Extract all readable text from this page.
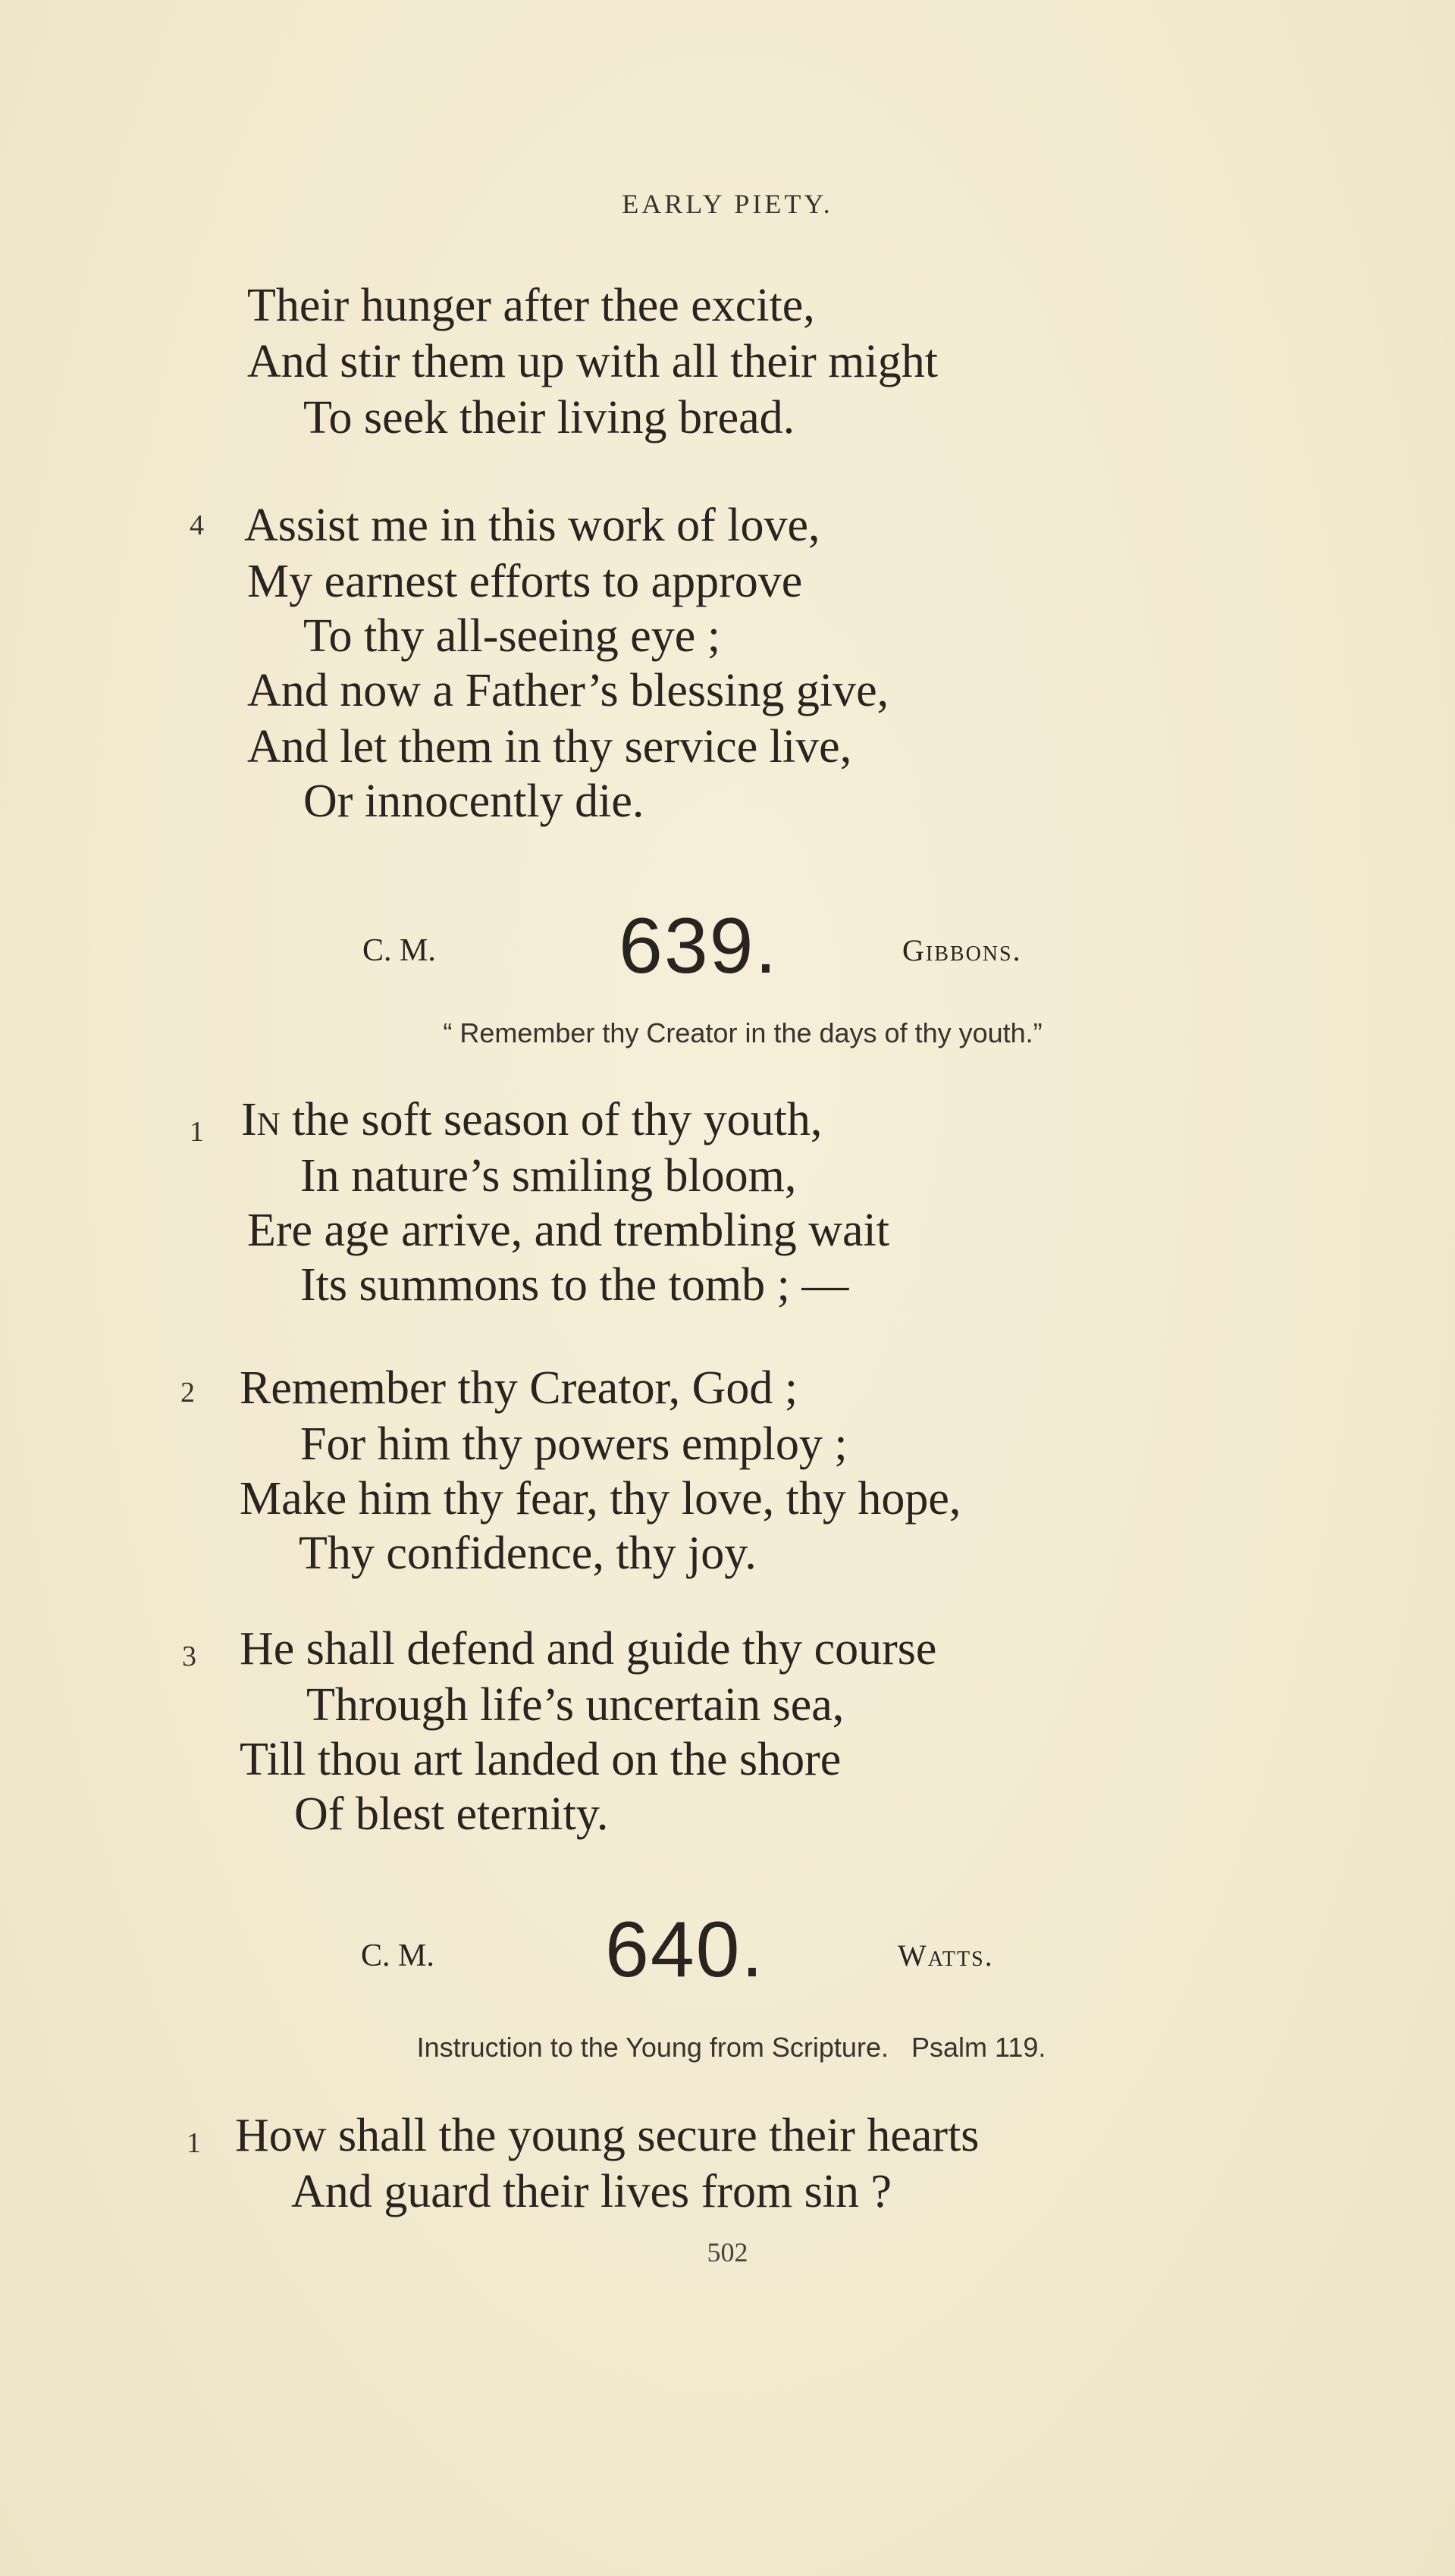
EARLY PIETY.
Their hunger after thee excite,
And stir them up with all their might
To seek their living bread.
4 Assist me in this work of love,
My earnest efforts to approve
To thy all-seeing eye ;
And now a Father’s blessing give,
And let them in thy service live,
Or innocently die.
C. M. 639.	Gibbons.
“ Remember thy Creator in the days of thy youth.”
1 In the soft season of thy youth,
In nature’s smiling bloom,
Ere age arrive, and trembling wait
Its summons to the tomb ; —
2 Remember thy Creator, God ;
For him thy powers employ ;
Make him thy fear, thy love, thy hope,
Thy confidence, thy joy.
3 He shall defend and guide thy course
Through life’s uncertain sea,
Till thou art landed on the shore
Of blest eternity.
C. M. 640.	Watts.
Instruction to the Young from Scripture.   Psalm 119.
1 How shall the young secure their hearts
And guard their lives from sin ?
502
